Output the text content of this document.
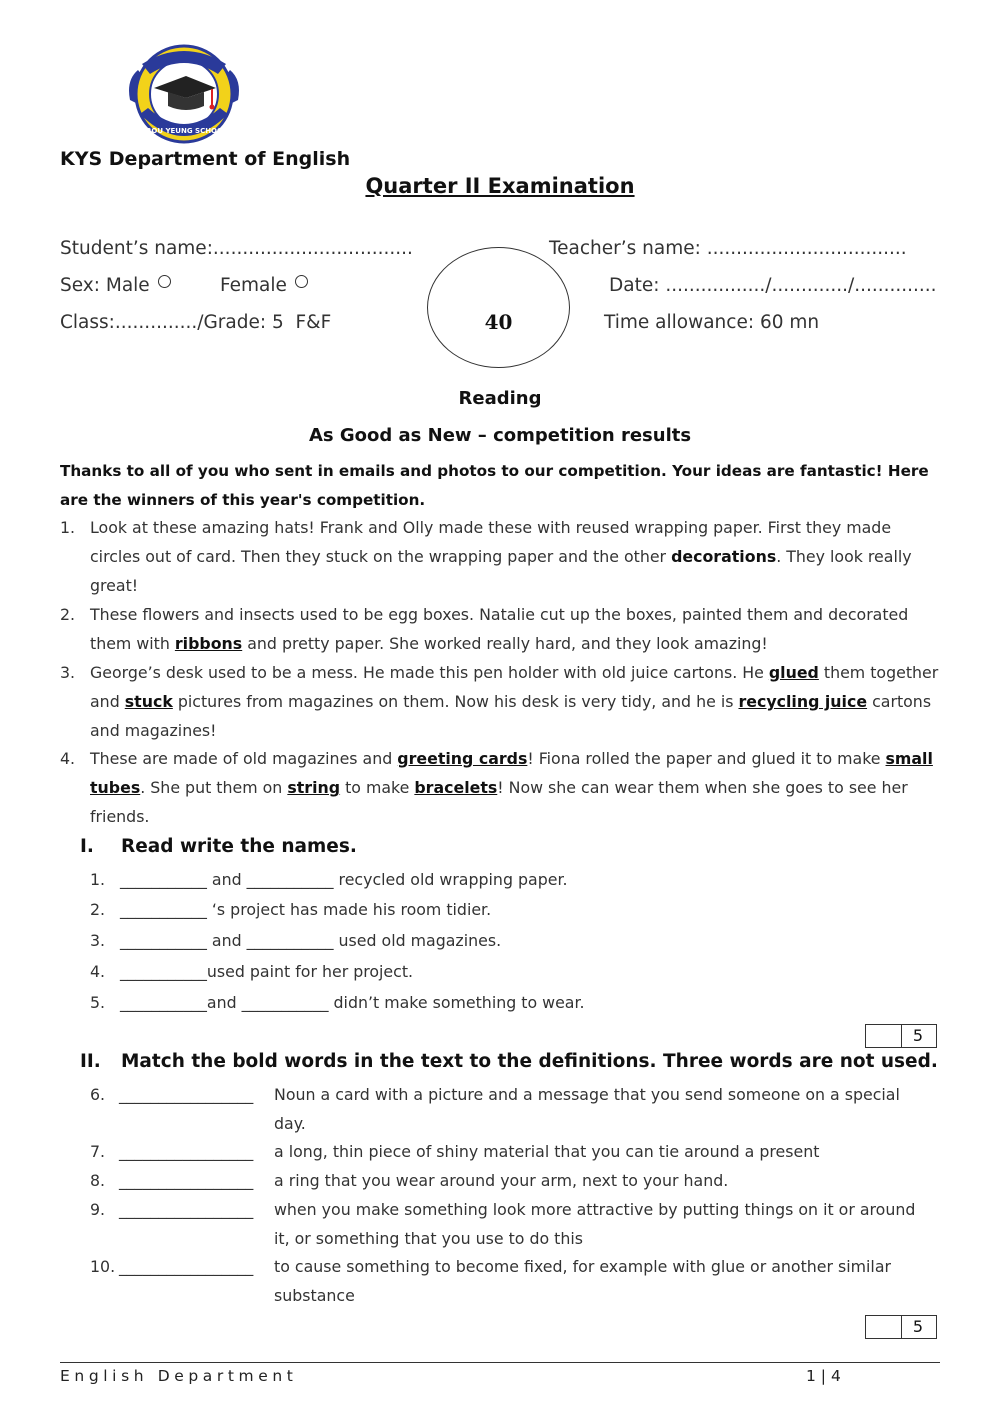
KROU YEUNG SCHOOL
KYS Department of English
Quarter II Examination
Student’s name:..................................	Teacher’s name: ..................................
Sex: Male	Female	Date: ................./............./..............
Class:............../Grade: 5 F&F	Time allowance: 60 mn
40
Reading
As Good as New – competition results
Thanks to all of you who sent in emails and photos to our competition. Your ideas are fantastic! Here are the winners of this year's competition.
1. Look at these amazing hats! Frank and Olly made these with reused wrapping paper. First they made circles out of card. Then they stuck on the wrapping paper and the other decorations. They look really great!
2. These flowers and insects used to be egg boxes. Natalie cut up the boxes, painted them and decorated them with ribbons and pretty paper. She worked really hard, and they look amazing!
3. George’s desk used to be a mess. He made this pen holder with old juice cartons. He glued them together and stuck pictures from magazines on them. Now his desk is very tidy, and he is recycling juice cartons and magazines!
4. These are made of old magazines and greeting cards! Fiona rolled the paper and glued it to make small tubes. She put them on string to make bracelets! Now she can wear them when she goes to see her friends.
I. Read write the names.
1. ___________ and ___________ recycled old wrapping paper.
2. ___________ ‘s project has made his room tidier.
3. ___________ and ___________ used old magazines.
4. ___________used paint for her project.
5. ___________and ___________ didn’t make something to wear.
5
II. Match the bold words in the text to the definitions. Three words are not used.
6. _________________ Noun a card with a picture and a message that you send someone on a special day.
7. _________________ a long, thin piece of shiny material that you can tie around a present
8. _________________ a ring that you wear around your arm, next to your hand.
9. _________________ when you make something look more attractive by putting things on it or around it, or something that you use to do this
10. _________________ to cause something to become fixed, for example with glue or another similar substance
5
English Department	1 | 4
